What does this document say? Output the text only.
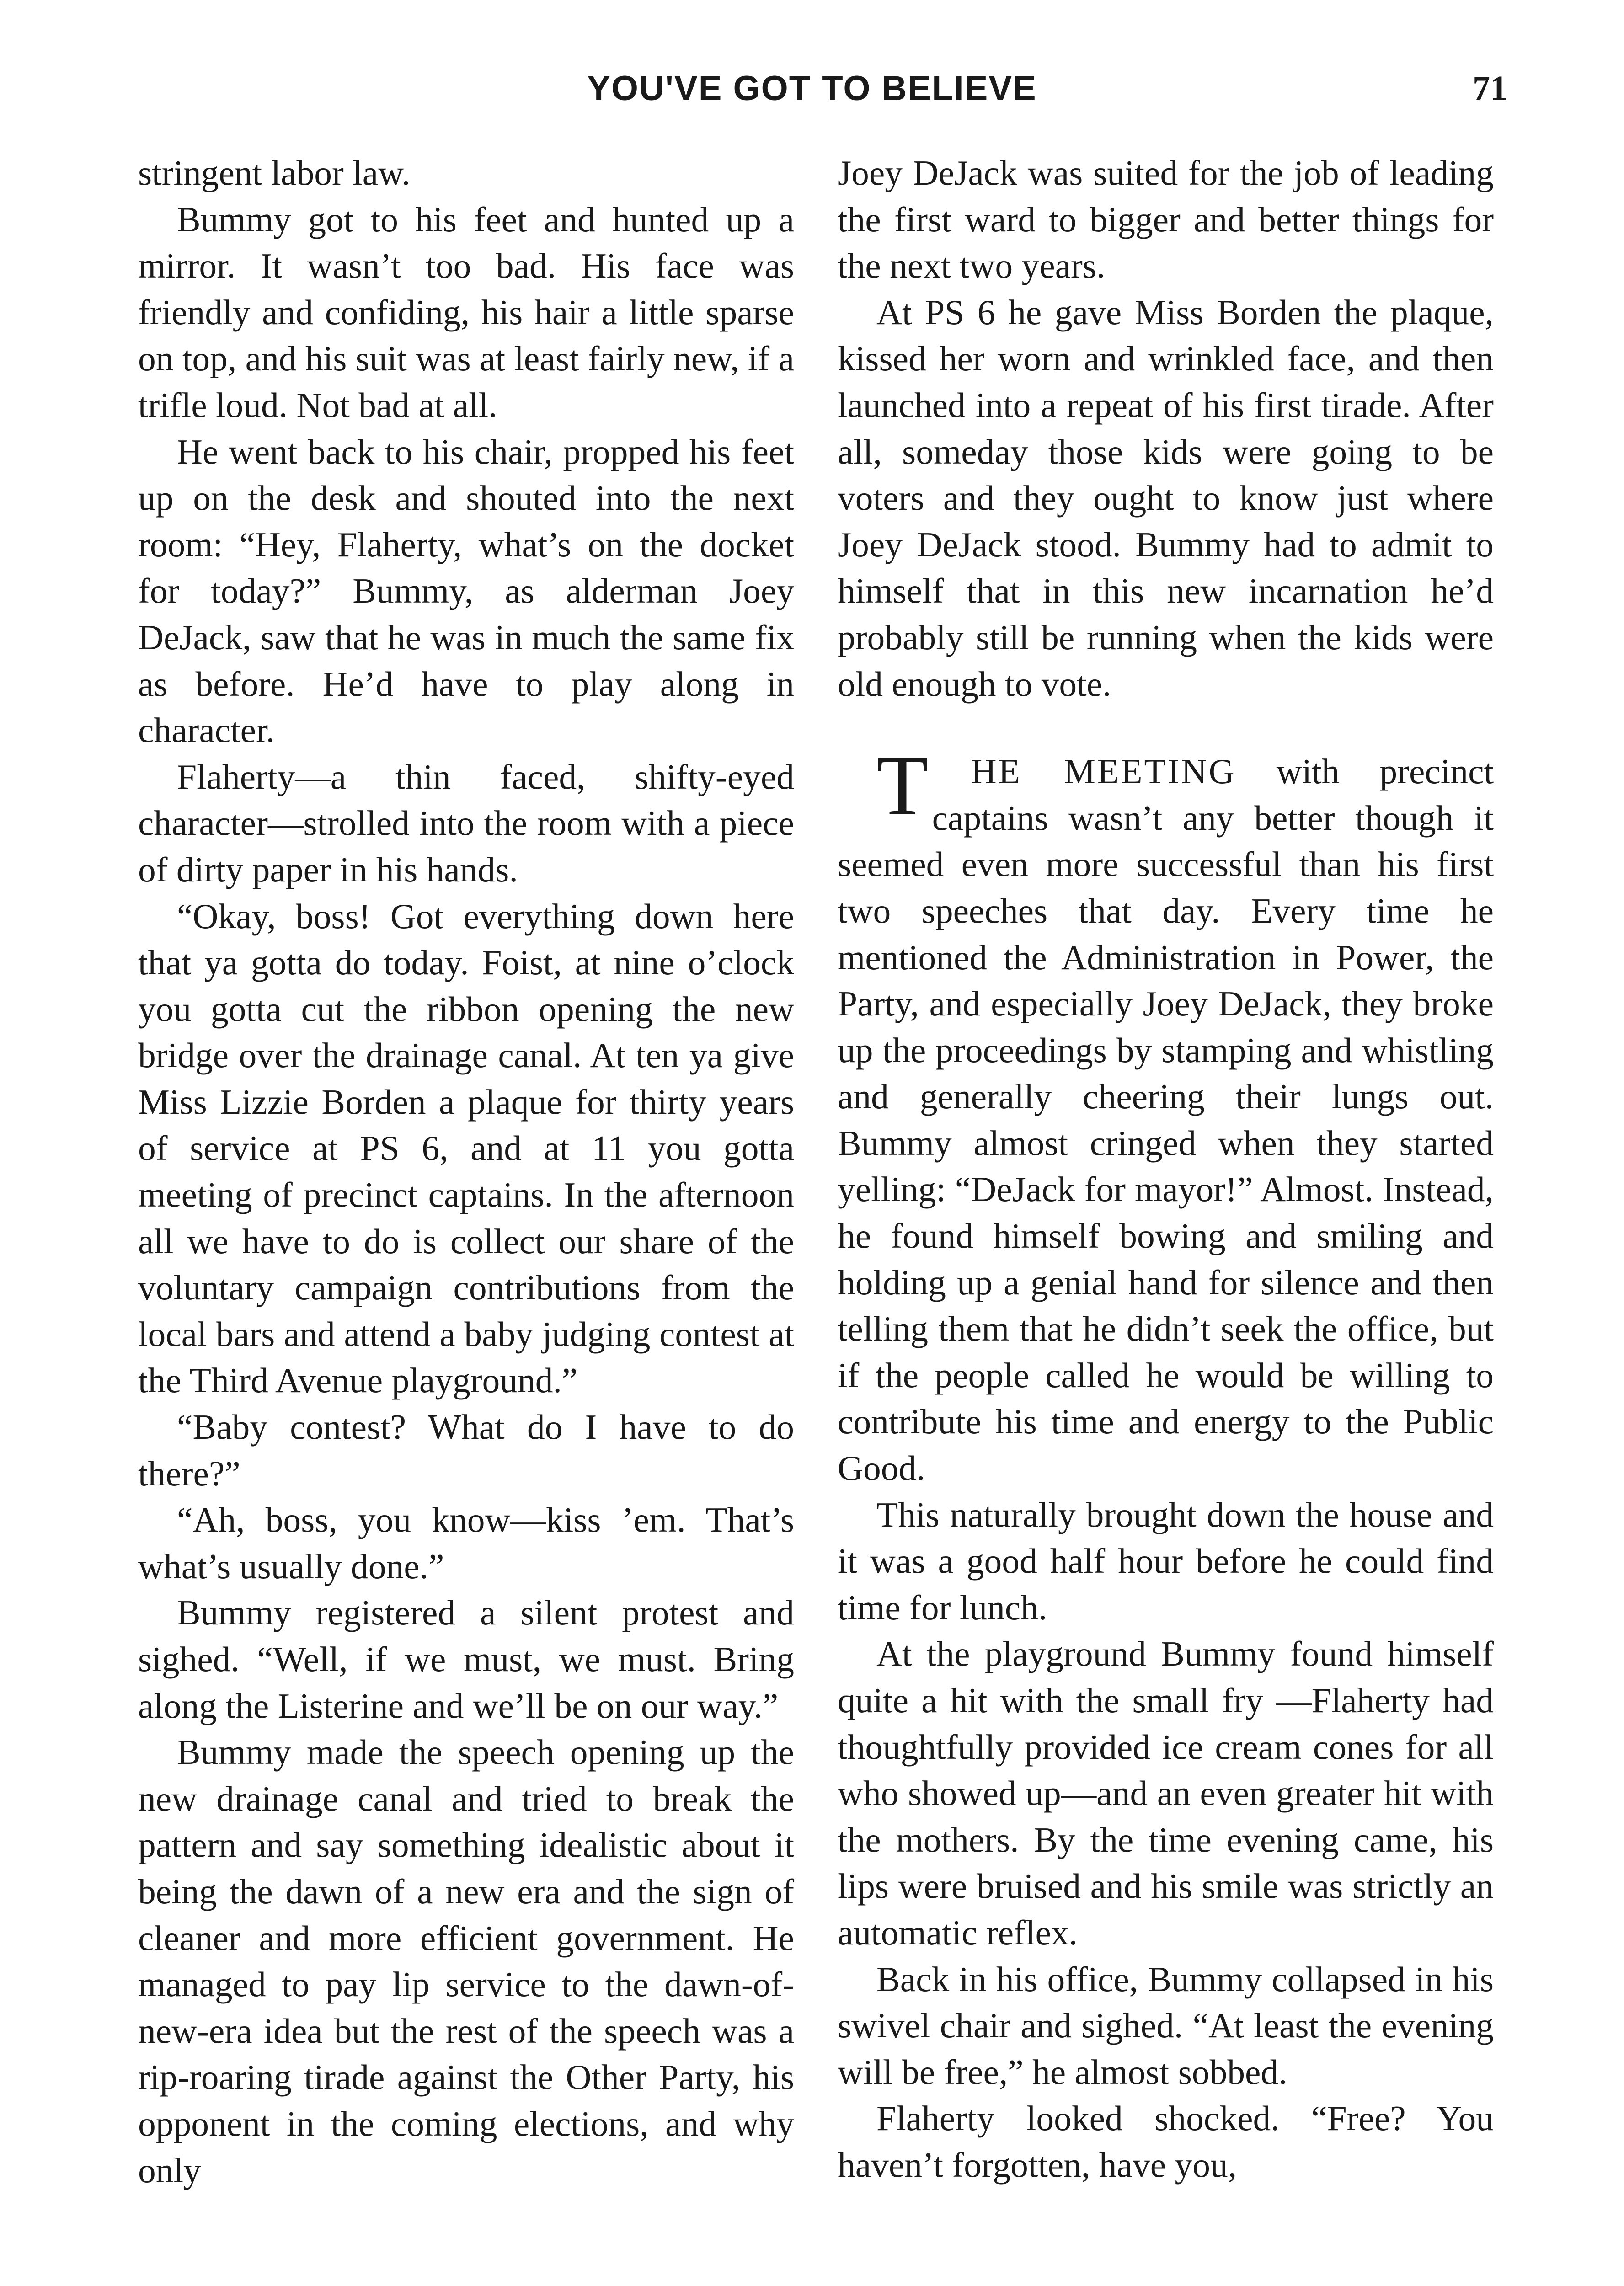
YOU'VE GOT TO BELIEVE	71

stringent labor law.

Bummy got to his feet and hunted up a mirror. It wasn’t too bad. His face was friendly and confiding, his hair a little sparse on top, and his suit was at least fairly new, if a trifle loud. Not bad at all.

He went back to his chair, propped his feet up on the desk and shouted into the next room: “Hey, Flaherty, what’s on the docket for today?” Bummy, as alderman Joey DeJack, saw that he was in much the same fix as before. He’d have to play along in character.

Flaherty—a thin faced, shifty-eyed character—strolled into the room with a piece of dirty paper in his hands.

“Okay, boss! Got everything down here that ya gotta do today. Foist, at nine o’clock you gotta cut the ribbon opening the new bridge over the drainage canal. At ten ya give Miss Lizzie Borden a plaque for thirty years of service at PS 6, and at 11 you gotta meeting of precinct captains. In the afternoon all we have to do is collect our share of the voluntary campaign contributions from the local bars and attend a baby judging contest at the Third Avenue playground.”

“Baby contest? What do I have to do there?”

“Ah, boss, you know—kiss ’em. That’s what’s usually done.”

Bummy registered a silent protest and sighed. “Well, if we must, we must. Bring along the Listerine and we’ll be on our way.”

Bummy made the speech opening up the new drainage canal and tried to break the pattern and say something idealistic about it being the dawn of a new era and the sign of cleaner and more efficient government. He managed to pay lip service to the dawn-of-new-era idea but the rest of the speech was a rip-roaring tirade against the Other Party, his opponent in the coming elections, and why only

Joey DeJack was suited for the job of leading the first ward to bigger and better things for the next two years.

At PS 6 he gave Miss Borden the plaque, kissed her worn and wrinkled face, and then launched into a repeat of his first tirade. After all, someday those kids were going to be voters and they ought to know just where Joey DeJack stood. Bummy had to admit to himself that in this new incarnation he’d probably still be running when the kids were old enough to vote.

T HE MEETING with precinct captains wasn’t any better though it seemed even more successful than his first two speeches that day. Every time he mentioned the Administration in Power, the Party, and especially Joey DeJack, they broke up the proceedings by stamping and whistling and generally cheering their lungs out. Bummy almost cringed when they started yelling: “DeJack for mayor!” Almost. Instead, he found himself bowing and smiling and holding up a genial hand for silence and then telling them that he didn’t seek the office, but if the people called he would be willing to contribute his time and energy to the Public Good.

This naturally brought down the house and it was a good half hour before he could find time for lunch.

At the playground Bummy found himself quite a hit with the small fry —Flaherty had thoughtfully provided ice cream cones for all who showed up—and an even greater hit with the mothers. By the time evening came, his lips were bruised and his smile was strictly an automatic reflex.

Back in his office, Bummy collapsed in his swivel chair and sighed. “At least the evening will be free,” he almost sobbed.

Flaherty looked shocked. “Free? You haven’t forgotten, have you,
